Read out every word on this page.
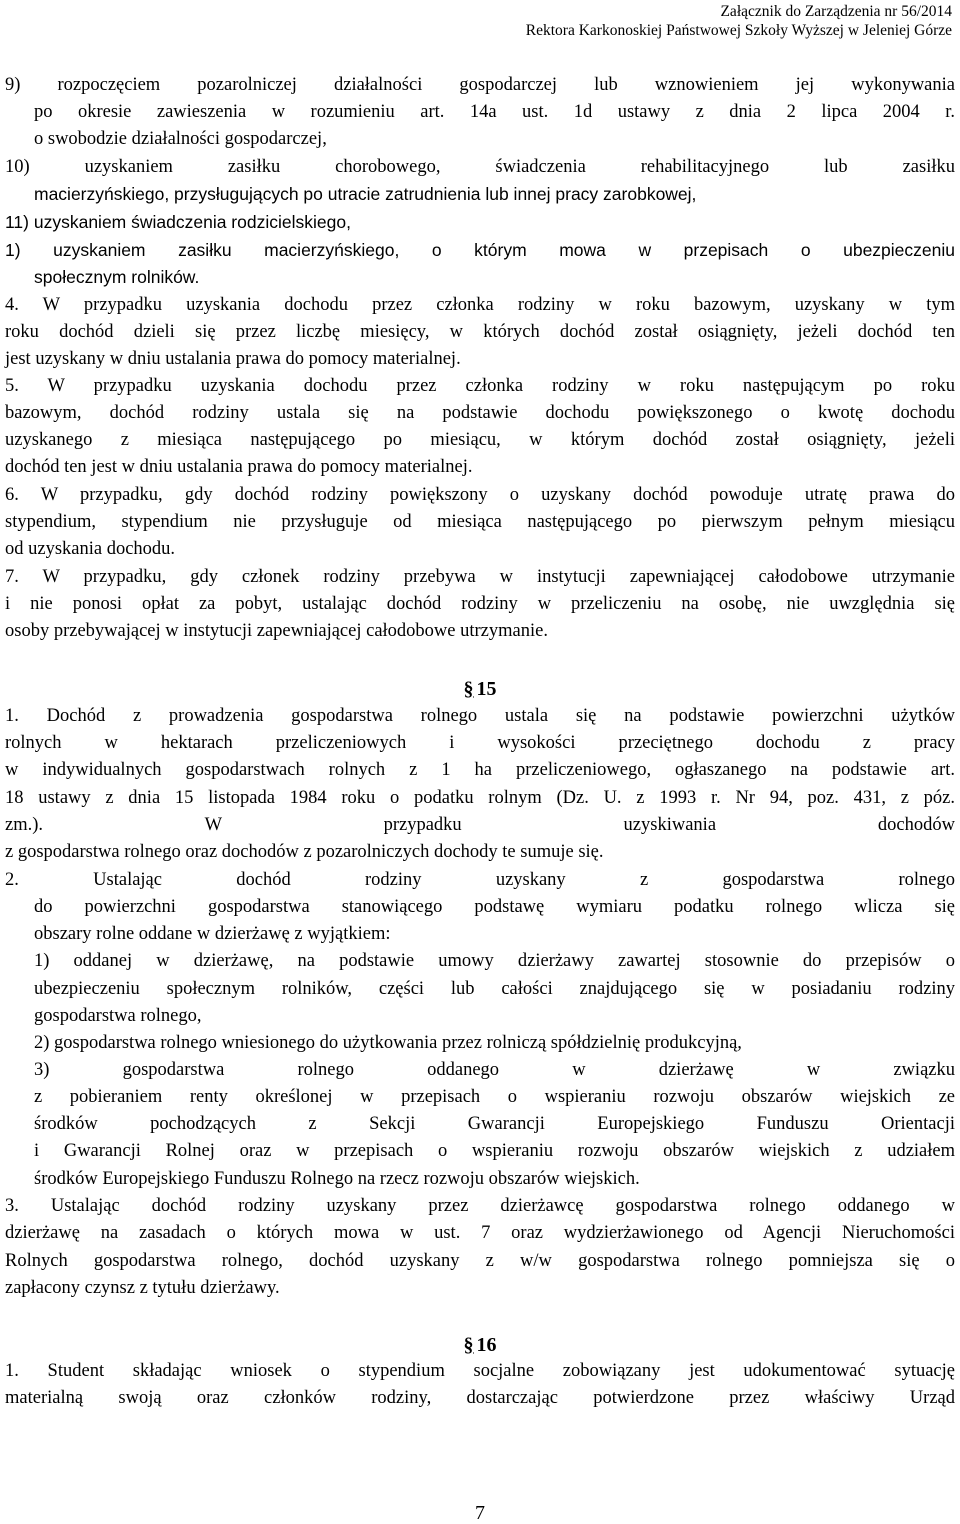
Załącznik do Zarządzenia nr 56/2014
Rektora Karkonoskiej Państwowej Szkoły Wyższej w Jeleniej Górze
9) rozpoczęciem pozarolniczej działalności gospodarczej lub wznowieniem jej wykonywania
po okresie zawieszenia w rozumieniu art. 14a ust. 1d ustawy z dnia 2 lipca 2004 r.
o swobodzie działalności gospodarczej,
10) uzyskaniem zasiłku chorobowego, świadczenia rehabilitacyjnego lub zasiłku
macierzyńskiego, przysługujących po utracie zatrudnienia lub innej pracy zarobkowej,
11) uzyskaniem świadczenia rodzicielskiego,
1) uzyskaniem zasiłku macierzyńskiego, o którym mowa w przepisach o ubezpieczeniu
społecznym rolników.
4. W przypadku uzyskania dochodu przez członka rodziny w roku bazowym, uzyskany w tym
roku dochód dzieli się przez liczbę miesięcy, w których dochód został osiągnięty, jeżeli dochód ten
jest uzyskany w dniu ustalania prawa do pomocy materialnej.
5. W przypadku uzyskania dochodu przez członka rodziny w roku następującym po roku
bazowym, dochód rodziny ustala się na podstawie dochodu powiększonego o kwotę dochodu
uzyskanego z miesiąca następującego po miesiącu, w którym dochód został osiągnięty, jeżeli
dochód ten jest w dniu ustalania prawa do pomocy materialnej.
6. W przypadku, gdy dochód rodziny powiększony o uzyskany dochód powoduje utratę prawa do
stypendium, stypendium nie przysługuje od miesiąca następującego po pierwszym pełnym miesiącu
od uzyskania dochodu.
7. W przypadku, gdy członek rodziny przebywa w instytucji zapewniającej całodobowe utrzymanie
i nie ponosi opłat za pobyt, ustalając dochód rodziny w przeliczeniu na osobę, nie uwzględnia się
osoby przebywającej w instytucji zapewniającej całodobowe utrzymanie.
§ 15
1. Dochód z prowadzenia gospodarstwa rolnego ustala się na podstawie powierzchni użytków
rolnych w hektarach przeliczeniowych i wysokości przeciętnego dochodu z pracy
w indywidualnych gospodarstwach rolnych z 1 ha przeliczeniowego, ogłaszanego na podstawie art.
18 ustawy z dnia 15 listopada 1984 roku o podatku rolnym (Dz. U. z 1993 r. Nr 94, poz. 431, z póz.
zm.). W przypadku uzyskiwania dochodów
z gospodarstwa rolnego oraz dochodów z pozarolniczych dochody te sumuje się.
2. Ustalając dochód rodziny uzyskany z gospodarstwa rolnego
do powierzchni gospodarstwa stanowiącego podstawę wymiaru podatku rolnego wlicza się
obszary rolne oddane w dzierżawę z wyjątkiem:
1) oddanej w dzierżawę, na podstawie umowy dzierżawy zawartej stosownie do przepisów o
ubezpieczeniu społecznym rolników, części lub całości znajdującego się w posiadaniu rodziny
gospodarstwa rolnego,
2) gospodarstwa rolnego wniesionego do użytkowania przez rolniczą spółdzielnię produkcyjną,
3) gospodarstwa rolnego oddanego w dzierżawę w związku
z pobieraniem renty określonej w przepisach o wspieraniu rozwoju obszarów wiejskich ze
środków pochodzących z Sekcji Gwarancji Europejskiego Funduszu Orientacji
i Gwarancji Rolnej oraz w przepisach o wspieraniu rozwoju obszarów wiejskich z udziałem
środków Europejskiego Funduszu Rolnego na rzecz rozwoju obszarów wiejskich.
3. Ustalając dochód rodziny uzyskany przez dzierżawcę gospodarstwa rolnego oddanego w
dzierżawę na zasadach o których mowa w ust. 7 oraz wydzierżawionego od Agencji Nieruchomości
Rolnych gospodarstwa rolnego, dochód uzyskany z w/w gospodarstwa rolnego pomniejsza się o
zapłacony czynsz z tytułu dzierżawy.
§ 16
1. Student składając wniosek o stypendium socjalne zobowiązany jest udokumentować sytuację
materialną swoją oraz członków rodziny, dostarczając potwierdzone przez właściwy Urząd
7
